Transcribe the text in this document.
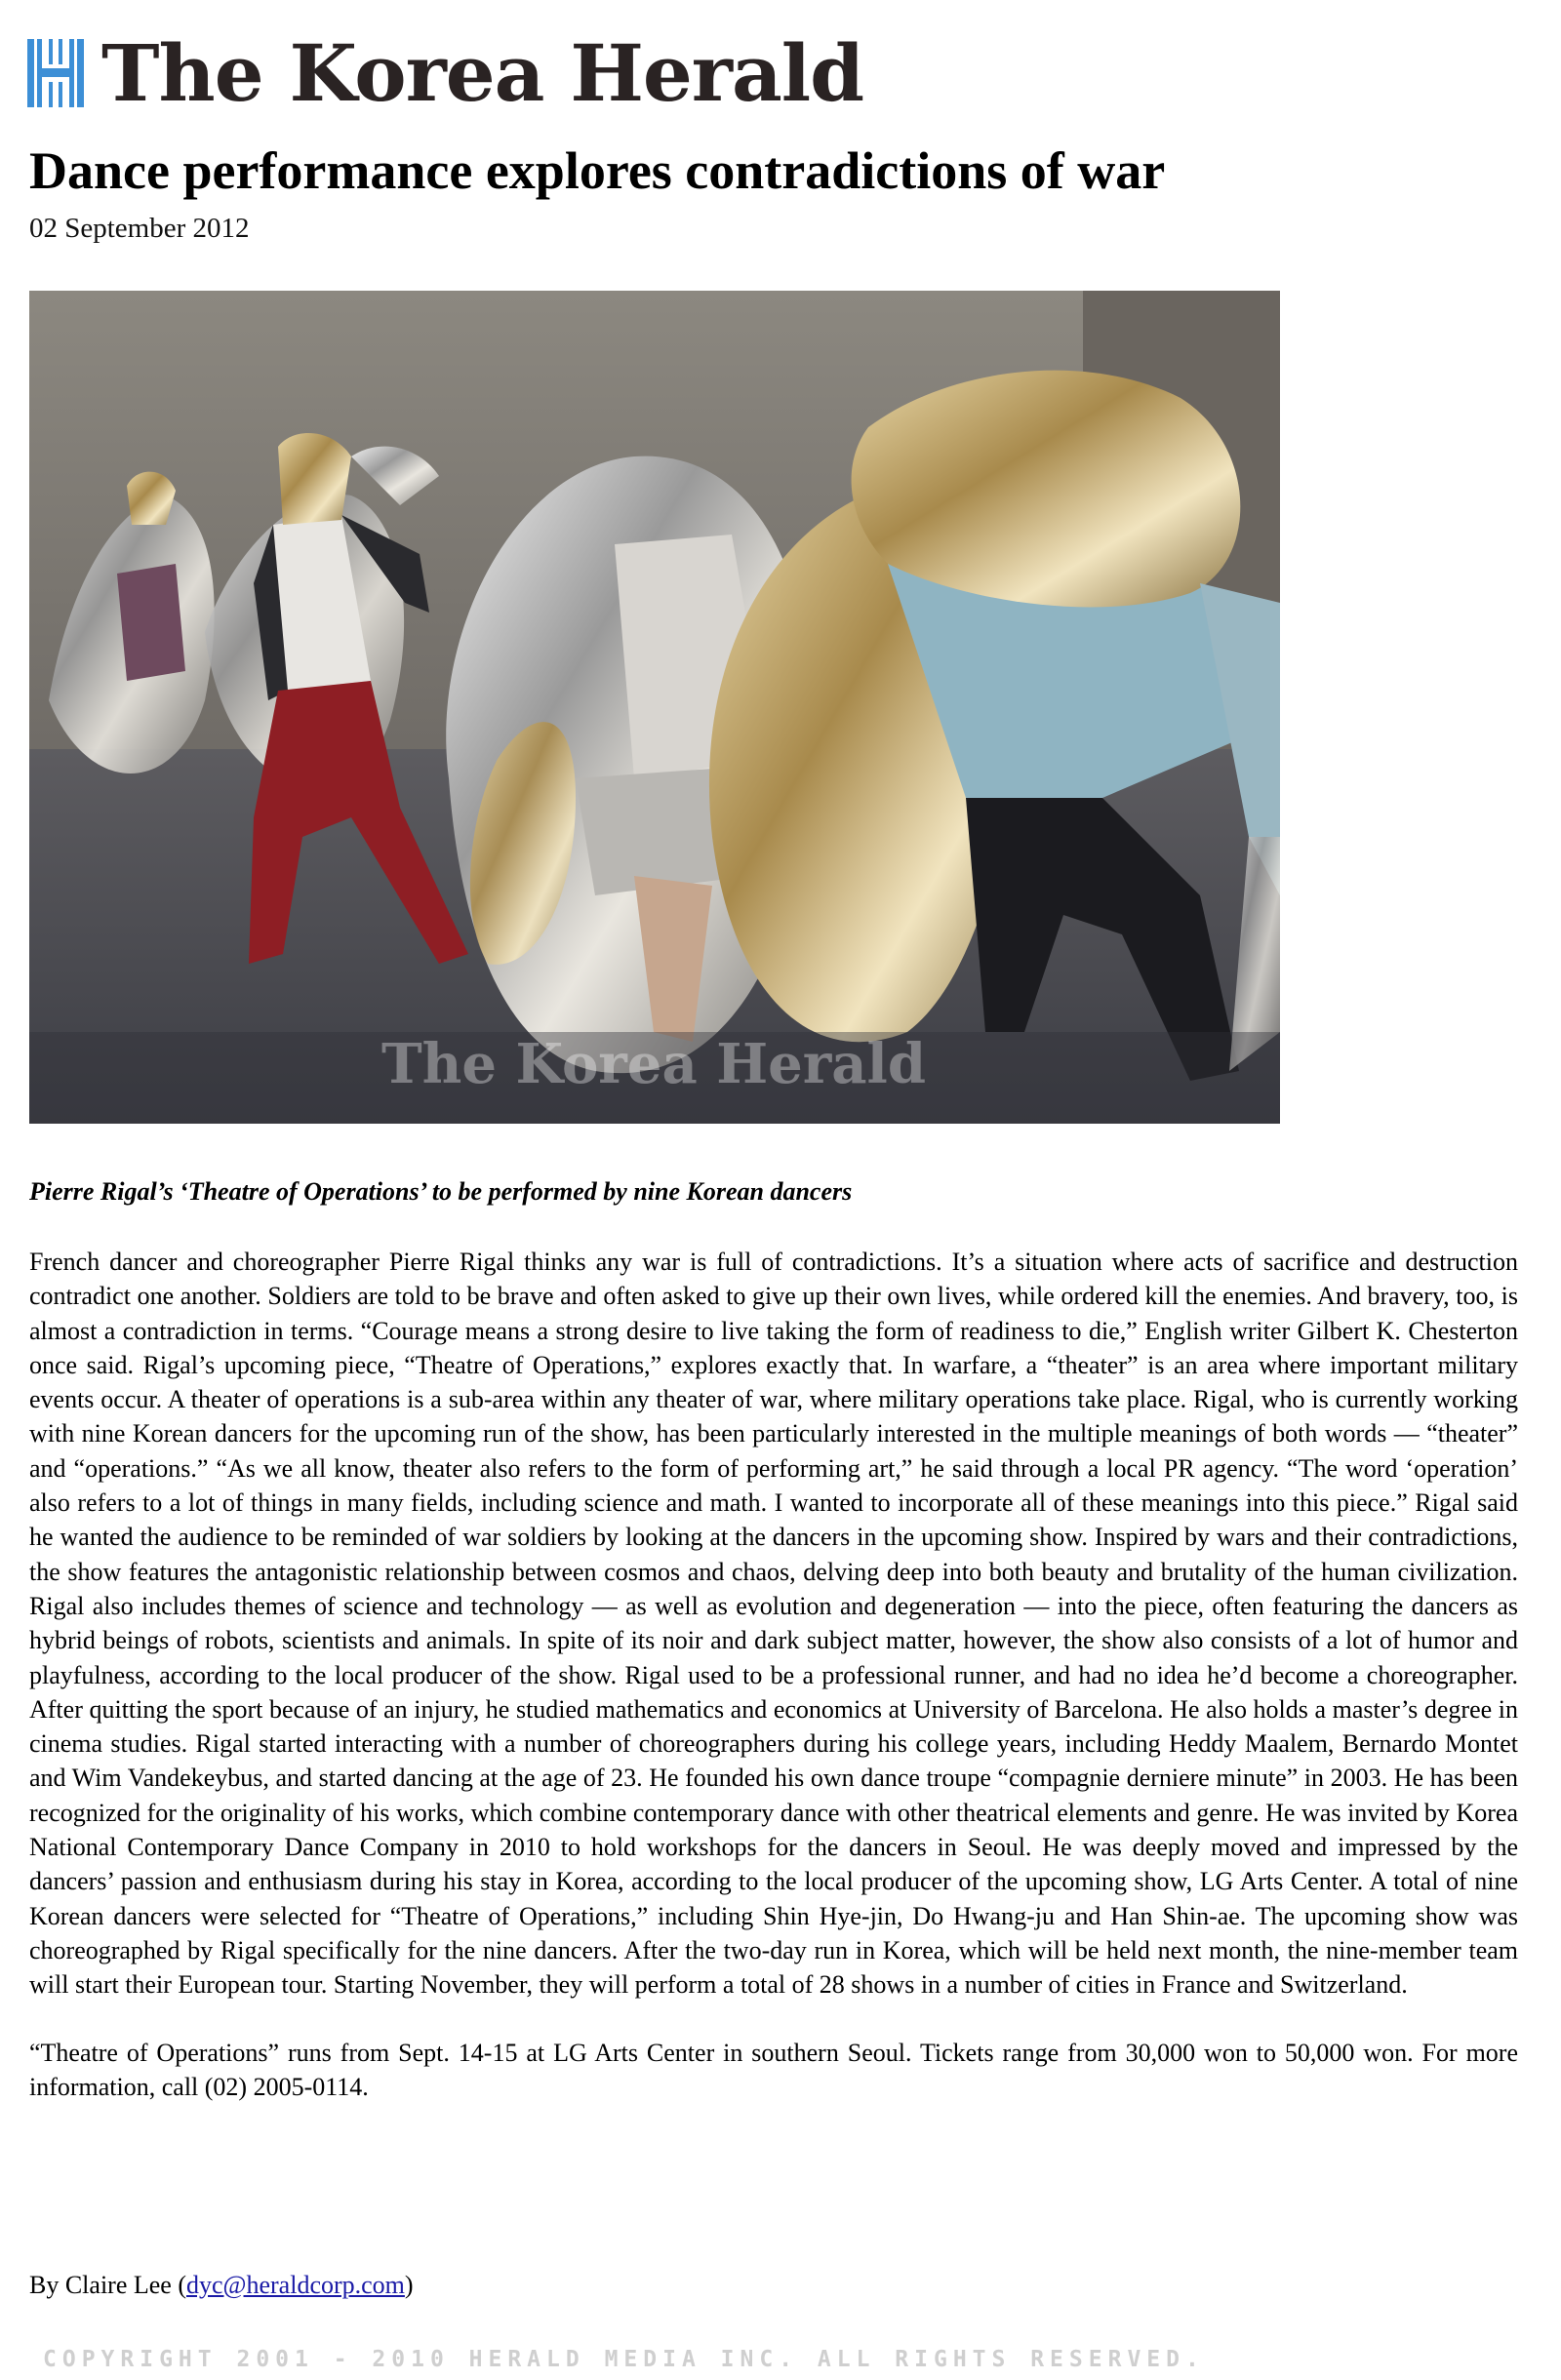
The Korea Herald
Dance performance explores contradictions of war
02 September 2012
The Korea Herald
Pierre Rigal’s ‘Theatre of Operations’ to be performed by nine Korean dancers

French dancer and choreographer Pierre Rigal thinks any war is full of contradictions. It’s a situation where acts of sacrifice and destruction contradict one another. Soldiers are told to be brave and often asked to give up their own lives, while ordered kill the enemies. And bravery, too, is almost a contradiction in terms. “Courage means a strong desire to live taking the form of readiness to die,” English writer Gilbert K. Chesterton once said. Rigal’s upcoming piece, “Theatre of Operations,” explores exactly that. In warfare, a “theater” is an area where important military events occur. A theater of operations is a sub-area within any theater of war, where military operations take place. Rigal, who is currently working with nine Korean dancers for the upcoming run of the show, has been particularly interested in the multiple meanings of both words — “theater” and “operations.” “As we all know, theater also refers to the form of performing art,” he said through a local PR agency. “The word ‘operation’ also refers to a lot of things in many fields, including science and math. I wanted to incorporate all of these meanings into this piece.” Rigal said he wanted the audience to be reminded of war soldiers by looking at the dancers in the upcoming show. Inspired by wars and their contradictions, the show features the antagonistic relationship between cosmos and chaos, delving deep into both beauty and brutality of the human civilization. Rigal also includes themes of science and technology — as well as evolution and degeneration — into the piece, often featuring the dancers as hybrid beings of robots, scientists and animals. In spite of its noir and dark subject matter, however, the show also consists of a lot of humor and playfulness, according to the local producer of the show. Rigal used to be a professional runner, and had no idea he’d become a choreographer. After quitting the sport because of an injury, he studied mathematics and economics at University of Barcelona. He also holds a master’s degree in cinema studies. Rigal started interacting with a number of choreographers during his college years, including Heddy Maalem, Bernardo Montet and Wim Vandekeybus, and started dancing at the age of 23. He founded his own dance troupe “compagnie derniere minute” in 2003. He has been recognized for the originality of his works, which combine contemporary dance with other theatrical elements and genre. He was invited by Korea National Contemporary Dance Company in 2010 to hold workshops for the dancers in Seoul. He was deeply moved and impressed by the dancers’ passion and enthusiasm during his stay in Korea, according to the local producer of the upcoming show, LG Arts Center. A total of nine Korean dancers were selected for “Theatre of Operations,” including Shin Hye-jin, Do Hwang-ju and Han Shin-ae. The upcoming show was choreographed by Rigal specifically for the nine dancers. After the two-day run in Korea, which will be held next month, the nine-member team will start their European tour. Starting November, they will perform a total of 28 shows in a number of cities in France and Switzerland.

“Theatre of Operations” runs from Sept. 14-15 at LG Arts Center in southern Seoul. Tickets range from 30,000 won to 50,000 won. For more information, call (02) 2005-0114.

By Claire Lee (dyc@heraldcorp.com)
COPYRIGHT 2001 - 2010 HERALD MEDIA INC. ALL RIGHTS RESERVED.
